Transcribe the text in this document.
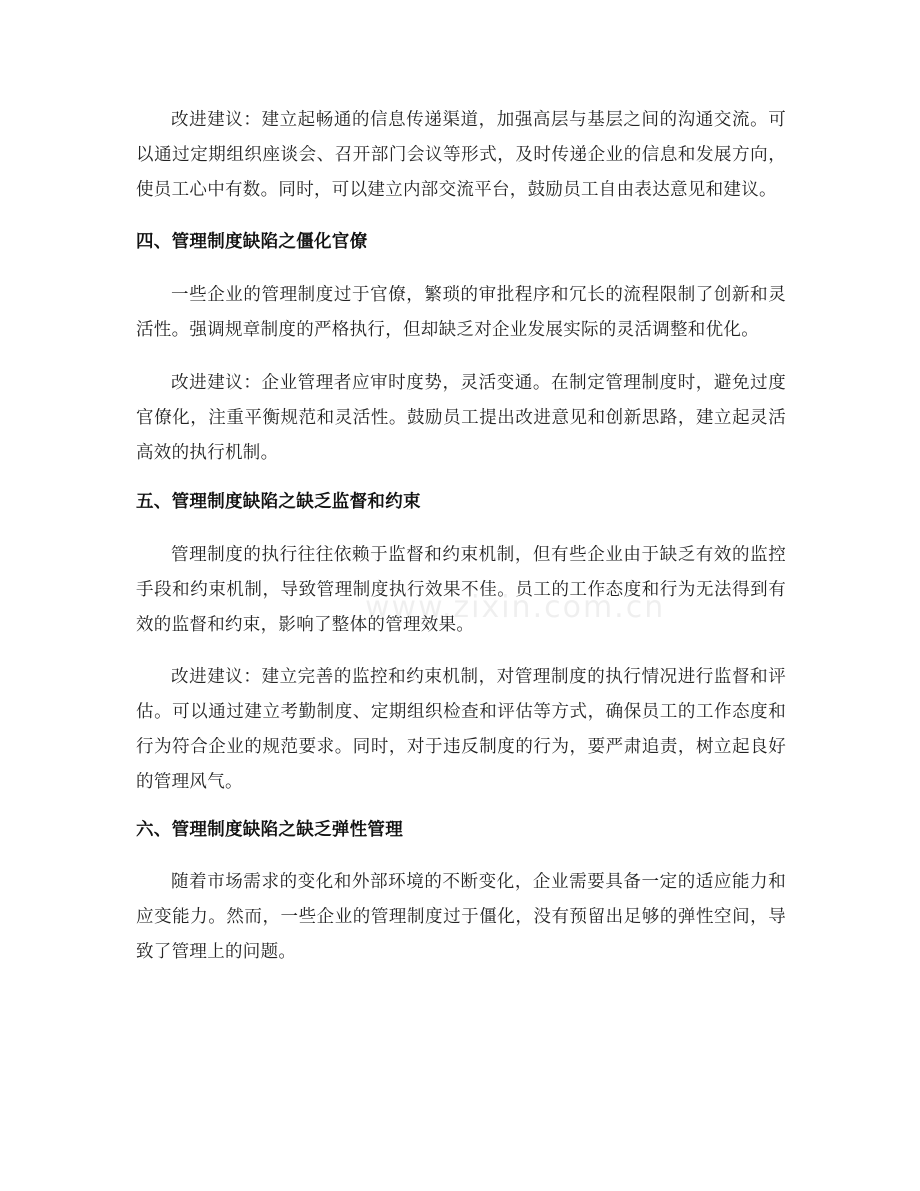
改进建议：建立起畅通的信息传递渠道，加强高层与基层之间的沟通交流。可以通过定期组织座谈会、召开部门会议等形式，及时传递企业的信息和发展方向，使员工心中有数。同时，可以建立内部交流平台，鼓励员工自由表达意见和建议。

四、管理制度缺陷之僵化官僚

一些企业的管理制度过于官僚，繁琐的审批程序和冗长的流程限制了创新和灵活性。强调规章制度的严格执行，但却缺乏对企业发展实际的灵活调整和优化。

改进建议：企业管理者应审时度势，灵活变通。在制定管理制度时，避免过度官僚化，注重平衡规范和灵活性。鼓励员工提出改进意见和创新思路，建立起灵活高效的执行机制。

五、管理制度缺陷之缺乏监督和约束

管理制度的执行往往依赖于监督和约束机制，但有些企业由于缺乏有效的监控手段和约束机制，导致管理制度执行效果不佳。员工的工作态度和行为无法得到有效的监督和约束，影响了整体的管理效果。

改进建议：建立完善的监控和约束机制，对管理制度的执行情况进行监督和评估。可以通过建立考勤制度、定期组织检查和评估等方式，确保员工的工作态度和行为符合企业的规范要求。同时，对于违反制度的行为，要严肃追责，树立起良好的管理风气。

六、管理制度缺陷之缺乏弹性管理

随着市场需求的变化和外部环境的不断变化，企业需要具备一定的适应能力和应变能力。然而，一些企业的管理制度过于僵化，没有预留出足够的弹性空间，导致了管理上的问题。

www.zixin.com.cn
